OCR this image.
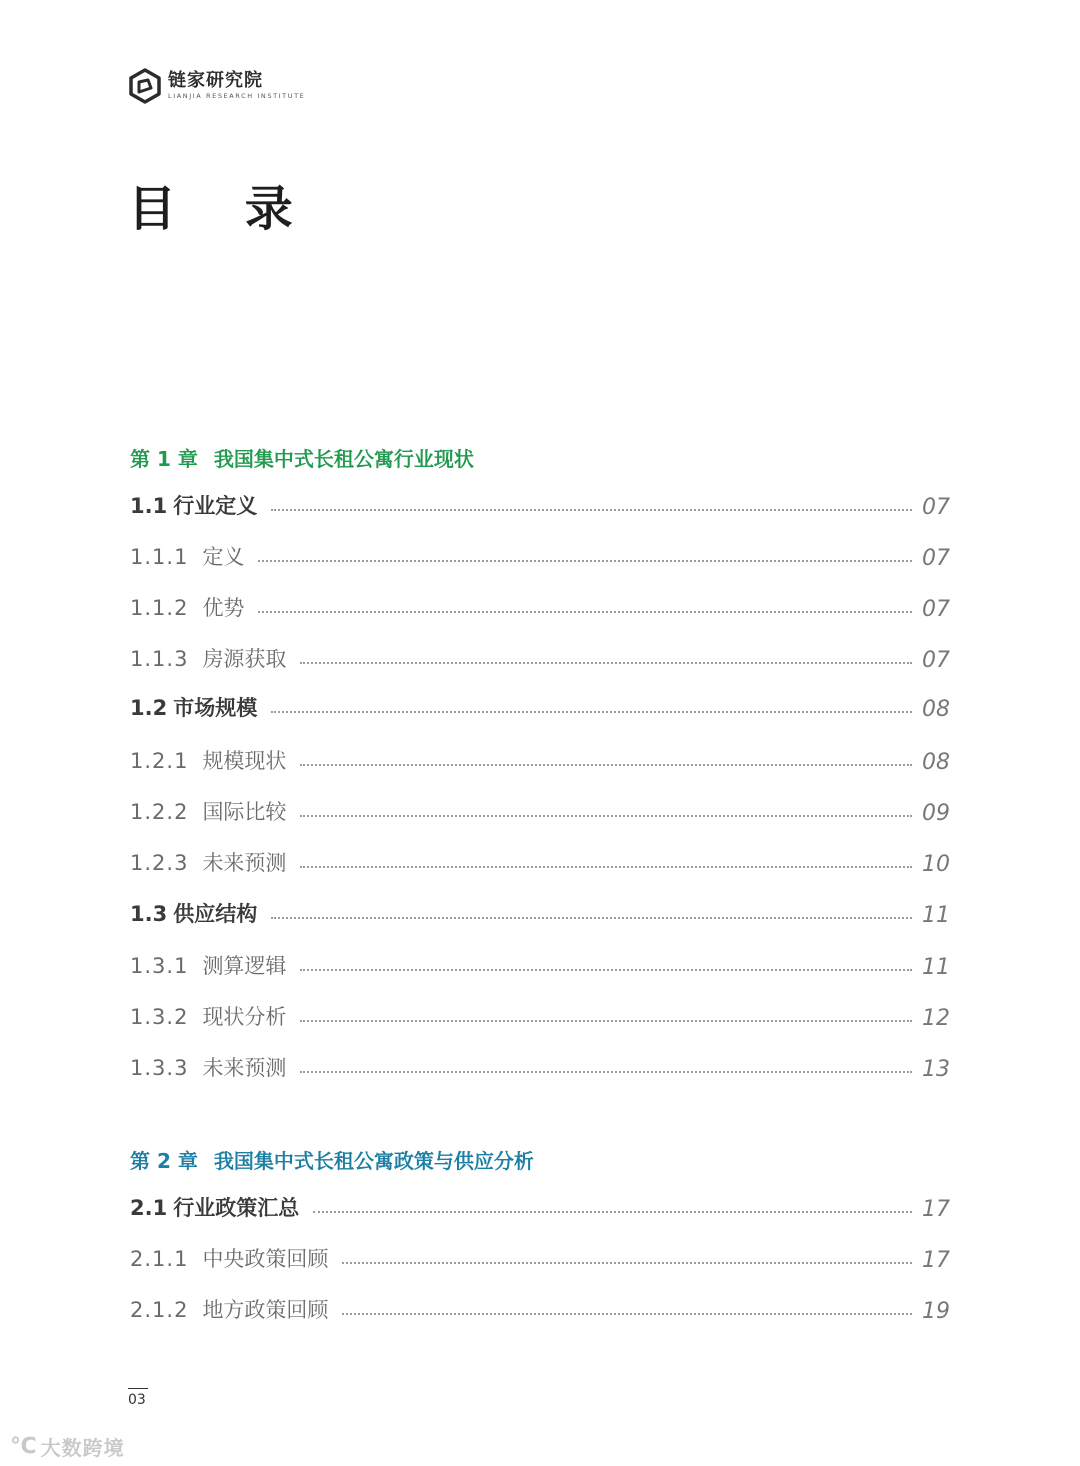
链家研究院
LIANJIA RESEARCH INSTITUTE
目 录
第 1 章 我国集中式长租公寓行业现状
1.1 行业定义	07
1.1.1 定义	07
1.1.2 优势	07
1.1.3 房源获取	07
1.2 市场规模	08
1.2.1 规模现状	08
1.2.2 国际比较	09
1.2.3 未来预测	10
1.3 供应结构	11
1.3.1 测算逻辑	11
1.3.2 现状分析	12
1.3.3 未来预测	13
第 2 章 我国集中式长租公寓政策与供应分析
2.1 行业政策汇总	17
2.1.1 中央政策回顾	17
2.1.2 地方政策回顾	19
03
℃ 大数跨境
